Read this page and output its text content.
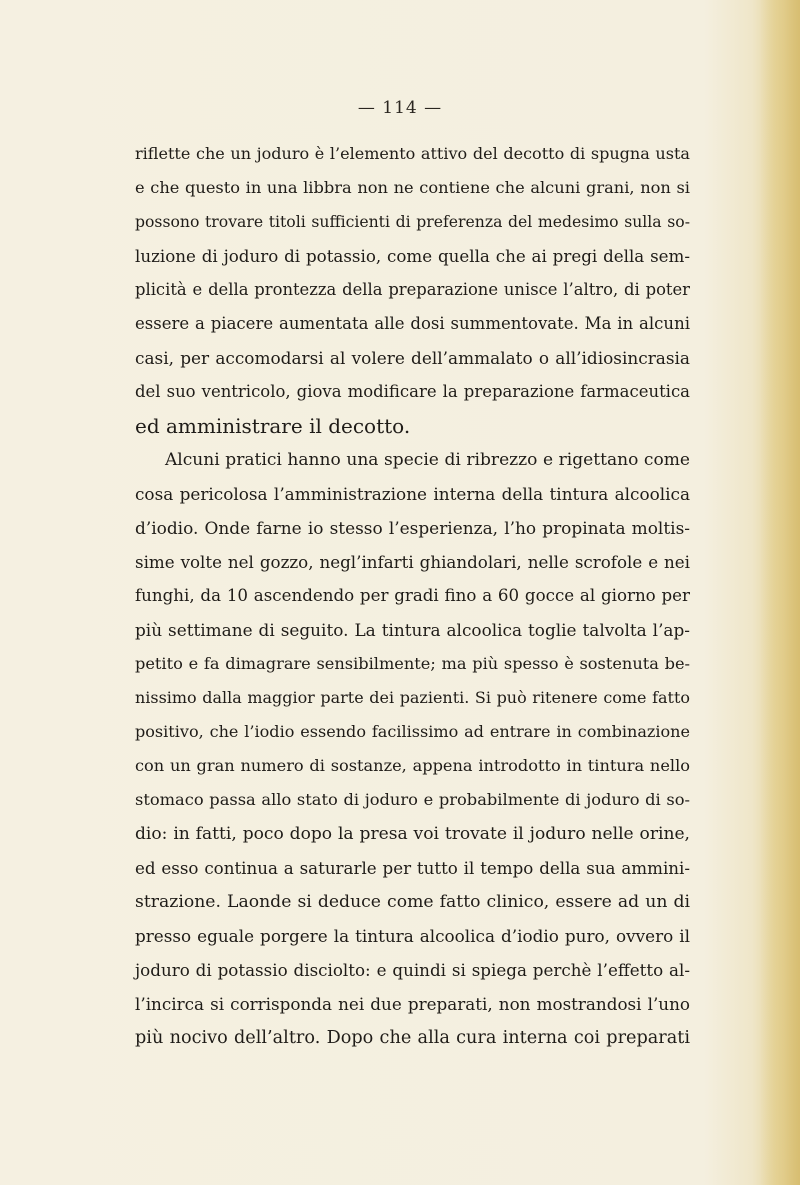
— 114 —
riflette che un joduro è l’elemento attivo del decotto di spugna usta
e che questo in una libbra non ne contiene che alcuni grani, non si
possono trovare titoli sufficienti di preferenza del medesimo sulla so-
luzione di joduro di potassio, come quella che ai pregi della sem-
plicità e della prontezza della preparazione unisce l’altro, di poter
essere a piacere aumentata alle dosi summentovate. Ma in alcuni
casi, per accomodarsi al volere dell’ammalato o all’idiosincrasia
del suo ventricolo, giova modificare la preparazione farmaceutica
ed amministrare il decotto.
Alcuni pratici hanno una specie di ribrezzo e rigettano come
cosa pericolosa l’amministrazione interna della tintura alcoolica
d’iodio. Onde farne io stesso l’esperienza, l’ho propinata moltis-
sime volte nel gozzo, negl’infarti ghiandolari, nelle scrofole e nei
funghi, da 10 ascendendo per gradi fino a 60 gocce al giorno per
più settimane di seguito. La tintura alcoolica toglie talvolta l’ap-
petito e fa dimagrare sensibilmente; ma più spesso è sostenuta be-
nissimo dalla maggior parte dei pazienti. Si può ritenere come fatto
positivo, che l’iodio essendo facilissimo ad entrare in combinazione
con un gran numero di sostanze, appena introdotto in tintura nello
stomaco passa allo stato di joduro e probabilmente di joduro di so-
dio: in fatti, poco dopo la presa voi trovate il joduro nelle orine,
ed esso continua a saturarle per tutto il tempo della sua ammini-
strazione. Laonde si deduce come fatto clinico, essere ad un di
presso eguale porgere la tintura alcoolica d’iodio puro, ovvero il
joduro di potassio disciolto: e quindi si spiega perchè l’effetto al-
l’incirca si corrisponda nei due preparati, non mostrandosi l’uno
più nocivo dell’altro. Dopo che alla cura interna coi preparati
